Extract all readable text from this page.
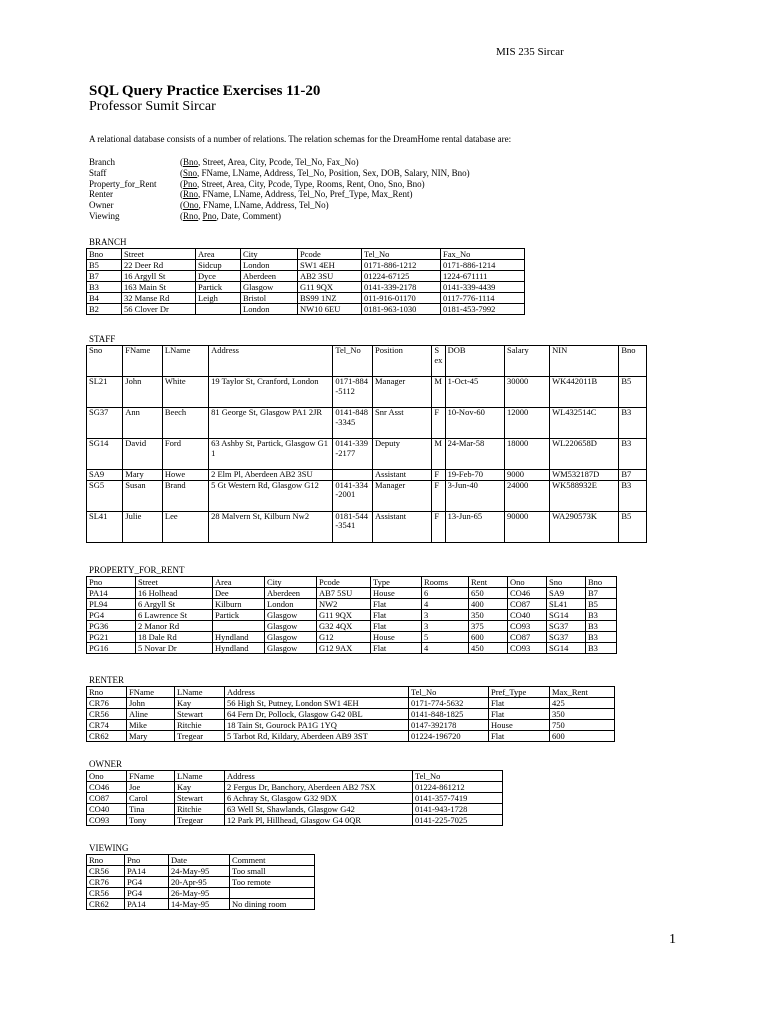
MIS 235 Sircar
SQL Query Practice Exercises 11-20
Professor Sumit Sircar
A relational database consists of a number of relations. The relation schemas for the DreamHome rental database are:
Branch	(Bno, Street, Area, City, Pcode, Tel_No, Fax_No)
Staff	(Sno, FName, LName, Address, Tel_No, Position, Sex, DOB, Salary, NIN, Bno)
Property_for_Rent	(Pno, Street, Area, City, Pcode, Type, Rooms, Rent, Ono, Sno, Bno)
Renter	(Rno, FName, LName, Address, Tel_No, Pref_Type, Max_Rent)
Owner	(Ono, FName, LName, Address, Tel_No)
Viewing	(Rno, Pno, Date, Comment)
BRANCH
Bno	Street	Area	City	Pcode	Tel_No	Fax_No
B5	22 Deer Rd	Sidcup	London	SW1 4EH	0171-886-1212	0171-886-1214
B7	16 Argyll St	Dyce	Aberdeen	AB2 3SU	01224-67125	1224-671111
B3	163 Main St	Partick	Glasgow	G11 9QX	0141-339-2178	0141-339-4439
B4	32 Manse Rd	Leigh	Bristol	BS99 1NZ	011-916-01170	0117-776-1114
B2	56 Clover Dr		London	NW10 6EU	0181-963-1030	0181-453-7992
STAFF
Sno	FName	LName	Address	Tel_No	Position	Sex	DOB	Salary	NIN	Bno
SL21	John	White	19 Taylor St, Cranford, London	0171-884-5112	Manager	M	1-Oct-45	30000	WK442011B	B5
SG37	Ann	Beech	81 George St, Glasgow PA1 2JR	0141-848-3345	Snr Asst	F	10-Nov-60	12000	WL432514C	B3
SG14	David	Ford	63 Ashby St, Partick, Glasgow G11	0141-339-2177	Deputy	M	24-Mar-58	18000	WL220658D	B3
SA9	Mary	Howe	2 Elm Pl, Aberdeen AB2 3SU		Assistant	F	19-Feb-70	9000	WM532187D	B7
SG5	Susan	Brand	5 Gt Western Rd, Glasgow G12	0141-334-2001	Manager	F	3-Jun-40	24000	WK588932E	B3
SL41	Julie	Lee	28 Malvern St, Kilburn Nw2	0181-544-3541	Assistant	F	13-Jun-65	90000	WA290573K	B5
PROPERTY_FOR_RENT
Pno	Street	Area	City	Pcode	Type	Rooms	Rent	Ono	Sno	Bno
PA14	16 Holhead	Dee	Aberdeen	AB7 5SU	House	6	650	CO46	SA9	B7
PL94	6 Argyll St	Kilburn	London	NW2	Flat	4	400	CO87	SL41	B5
PG4	6 Lawrence St	Partick	Glasgow	G11 9QX	Flat	3	350	CO40	SG14	B3
PG36	2 Manor Rd		Glasgow	G32 4QX	Flat	3	375	CO93	SG37	B3
PG21	18 Dale Rd	Hyndland	Glasgow	G12	House	5	600	CO87	SG37	B3
PG16	5 Novar Dr	Hyndland	Glasgow	G12 9AX	Flat	4	450	CO93	SG14	B3
RENTER
Rno	FName	LName	Address	Tel_No	Pref_Type	Max_Rent
CR76	John	Kay	56 High St, Putney, London SW1 4EH	0171-774-5632	Flat	425
CR56	Aline	Stewart	64 Fern Dr, Pollock, Glasgow G42 0BL	0141-848-1825	Flat	350
CR74	Mike	Ritchie	18 Tain St, Gourock PA1G 1YQ	0147-392178	House	750
CR62	Mary	Tregear	5 Tarbot Rd, Kildary, Aberdeen AB9 3ST	01224-196720	Flat	600
OWNER
Ono	FName	LName	Address	Tel_No
CO46	Joe	Kay	2 Fergus Dr, Banchory, Aberdeen AB2 7SX	01224-861212
CO87	Carol	Stewart	6 Achray St, Glasgow G32 9DX	0141-357-7419
CO40	Tina	Ritchie	63 Well St, Shawlands, Glasgow G42	0141-943-1728
CO93	Tony	Tregear	12 Park Pl, Hillhead, Glasgow G4 0QR	0141-225-7025
VIEWING
Rno	Pno	Date	Comment
CR56	PA14	24-May-95	Too small
CR76	PG4	20-Apr-95	Too remote
CR56	PG4	26-May-95	
CR62	PA14	14-May-95	No dining room
1
